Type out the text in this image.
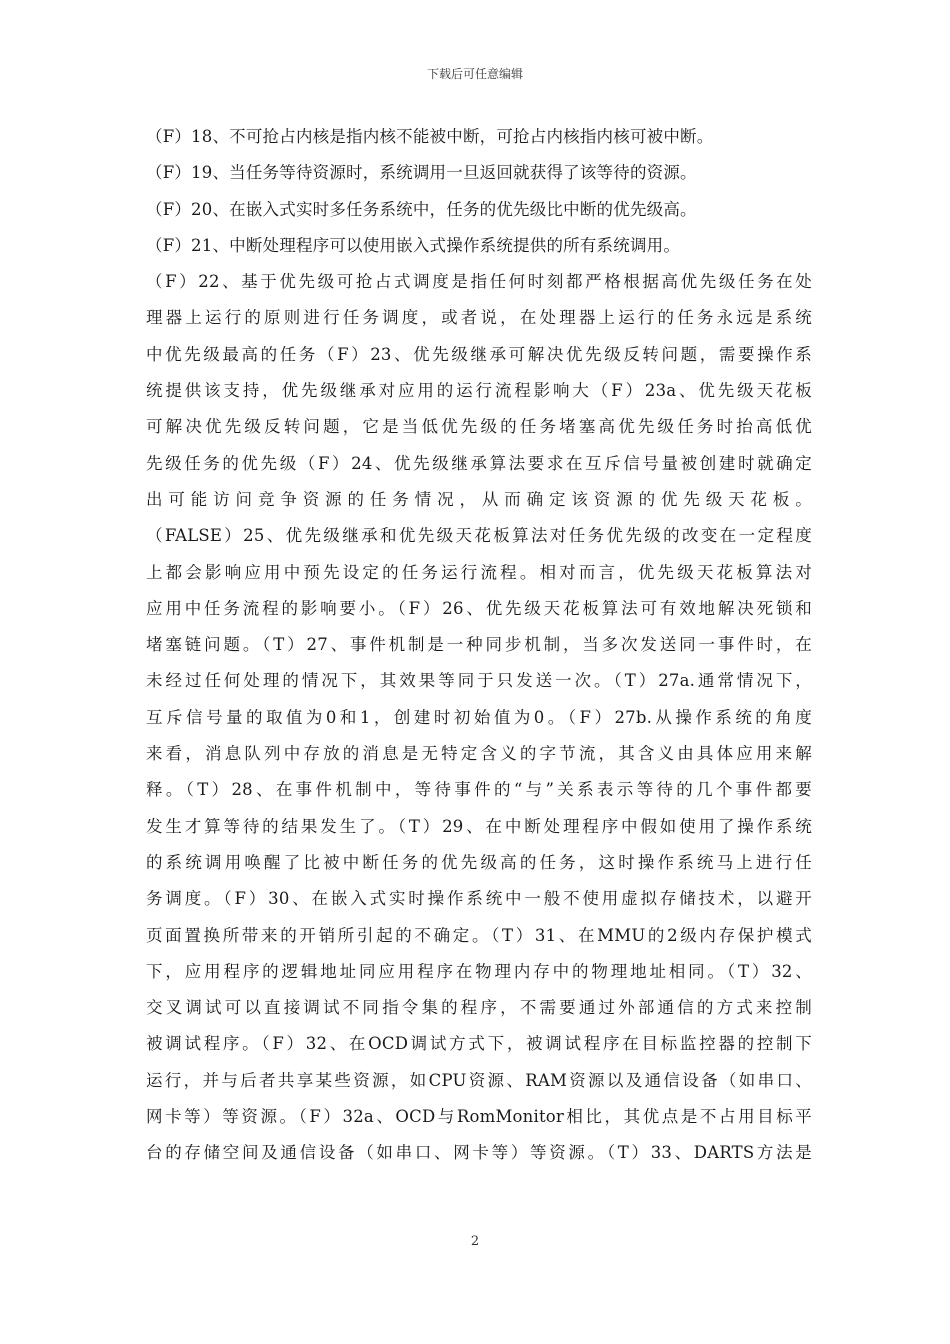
下载后可任意编辑
（F）18、不可抢占内核是指内核不能被中断，可抢占内核指内核可被中断。
（F）19、当任务等待资源时，系统调用一旦返回就获得了该等待的资源。
（F）20、在嵌入式实时多任务系统中，任务的优先级比中断的优先级高。
（F）21、中断处理程序可以使用嵌入式操作系统提供的所有系统调用。
（F）22、基于优先级可抢占式调度是指任何时刻都严格根据高优先级任务在处
理器上运行的原则进行任务调度，或者说，在处理器上运行的任务永远是系统
中优先级最高的任务（F）23、优先级继承可解决优先级反转问题，需要操作系
统提供该支持，优先级继承对应用的运行流程影响大（F）23a、优先级天花板
可解决优先级反转问题，它是当低优先级的任务堵塞高优先级任务时抬高低优
先级任务的优先级（F）24、优先级继承算法要求在互斥信号量被创建时就确定
出可能访问竞争资源的任务情况，从而确定该资源的优先级天花板。
（FALSE）25、优先级继承和优先级天花板算法对任务优先级的改变在一定程度
上都会影响应用中预先设定的任务运行流程。相对而言，优先级天花板算法对
应用中任务流程的影响要小。（F）26、优先级天花板算法可有效地解决死锁和
堵塞链问题。（T）27、事件机制是一种同步机制，当多次发送同一事件时，在
未经过任何处理的情况下，其效果等同于只发送一次。（T）27a.通常情况下，
互斥信号量的取值为0和1，创建时初始值为0。（F）27b.从操作系统的角度
来看，消息队列中存放的消息是无特定含义的字节流，其含义由具体应用来解
释。（T）28、在事件机制中，等待事件的“与”关系表示等待的几个事件都要
发生才算等待的结果发生了。（T）29、在中断处理程序中假如使用了操作系统
的系统调用唤醒了比被中断任务的优先级高的任务，这时操作系统马上进行任
务调度。（F）30、在嵌入式实时操作系统中一般不使用虚拟存储技术，以避开
页面置换所带来的开销所引起的不确定。（T）31、在MMU的2级内存保护模式
下，应用程序的逻辑地址同应用程序在物理内存中的物理地址相同。（T）32、
交叉调试可以直接调试不同指令集的程序，不需要通过外部通信的方式来控制
被调试程序。（F）32、在OCD调试方式下，被调试程序在目标监控器的控制下
运行，并与后者共享某些资源，如CPU资源、RAM资源以及通信设备（如串口、
网卡等）等资源。（F）32a、OCD与RomMonitor相比，其优点是不占用目标平
台的存储空间及通信设备（如串口、网卡等）等资源。（T）33、DARTS方法是
2
